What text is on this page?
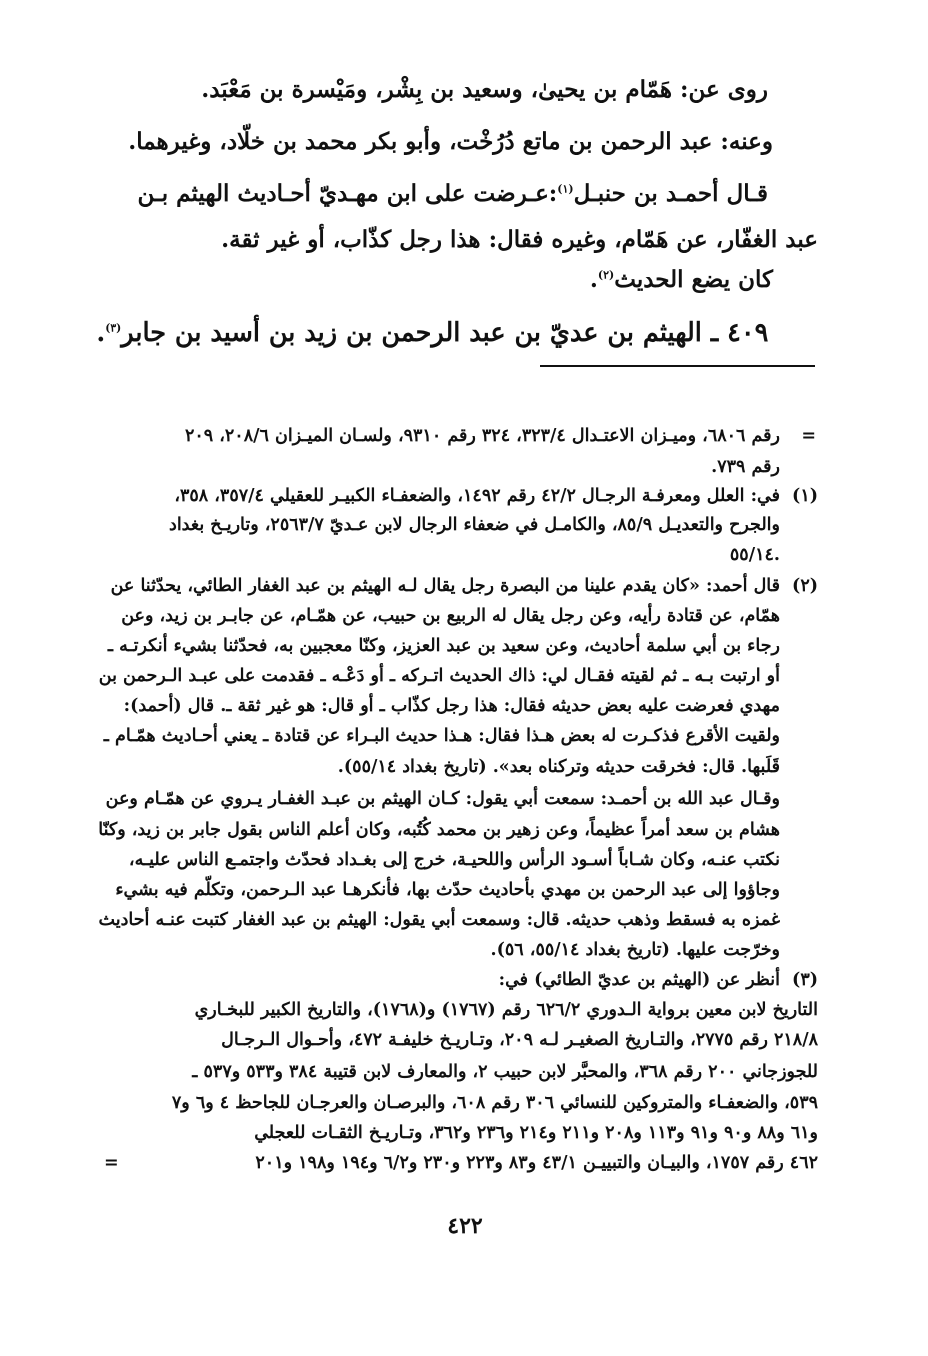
روى عن: هَمّام بن يحيىٰ، وسعيد بن بِشْر، ومَيْسرة بن مَعْبَد.
وعنه: عبد الرحمن بن ماتع دُرُخْت، وأبو بكر محمد بن خلّاد، وغيرهما.
قـال أحمـد بن حنبـل$^{(١)}$:عـرضت على ابن مهـديّ أحـاديث الهيثم بـن
عبد الغفّار، عن هَمّام، وغيره فقال: هذا رجل كذّاب، أو غير ثقة.
كان يضع الحديث$^{(٢)}$.
٤٠٩ ـ الهيثم بن عديّ بن عبد الرحمن بن زيد بن أسيد بن جابر$^{(٣)}$.
=
رقم ٦٨٠٦، وميـزان الاعتـدال ٣٢٣/٤، ٣٢٤ رقم ٩٣١٠، ولسـان الميـزان ٢٠٨/٦، ٢٠٩
رقم ٧٣٩.
(١)
في: العلل ومعرفـة الرجـال ٤٢/٢ رقم ١٤٩٢، والضعفـاء الكبيـر للعقيلي ٣٥٧/٤، ٣٥٨،
والجرح والتعديـل ٨٥/٩، والكامـل في ضعفاء الرجال لابن عـديّ ٢٥٦٣/٧، وتاريـخ بغداد
٥٥/١٤.
(٢)
قال أحمد: «كان يقدم علينا من البصرة رجل يقال لـه الهيثم بن عبد الغفار الطائي، يحدّثنا عن
همّام، عن قتادة رأيه، وعن رجل يقال له الربيع بن حبيب، عن همّـام، عن جابـر بن زيد، وعن
رجاء بن أبي سلمة أحاديث، وعن سعيد بن عبد العزيز، وكنّا معجبين به، فحدّثنا بشيء أنكرتـه ـ
أو ارتبت بـه ـ ثم لقيته فقـال لي: ذاك الحديث اتـركه ـ أو دَعْـه ـ فقدمت على عبـد الـرحمن بن
مهدي فعرضت عليه بعض حديثه فقال: هذا رجل كذّاب ـ أو قال: هو غير ثقة ـ. قال (أحمد):
ولقيت الأقرع فذكـرت له بعض هـذا فقال: هـذا حديث البـراء عن قتادة ـ يعني أحـاديث همّـام ـ
قَلَبها. قال: فخرقت حديثه وتركناه بعد». (تاريخ بغداد ٥٥/١٤).
وقـال عبد الله بن أحمـد: سمعت أبي يقول: كـان الهيثم بن عبـد الغفـار يـروي عن همّـام وعن
هشام بن سعد أمراً عظيماً، وعن زهير بن محمد كُتُبه، وكان أعلم الناس بقول جابر بن زيد، وكنّا
نكتب عنـه، وكان شـاباً أسـود الرأس واللحيـة، خرج إلى بغـداد فحدّث واجتمـع الناس عليـه،
وجاؤوا إلى عبد الرحمن بن مهدي بأحاديث حدّث بها، فأنكرهـا عبد الـرحمن، وتكلّم فيه بشيء
غمزه به فسقط وذهب حديثه. قال: وسمعت أبي يقول: الهيثم بن عبد الغفار كتبت عنـه أحاديث
وخرّجت عليها. (تاريخ بغداد ٥٥/١٤، ٥٦).
(٣)
أنظر عن (الهيثم بن عديّ الطائي) في:
التاريخ لابن معين برواية الـدوري ٦٢٦/٢ رقم (١٧٦٧) و(١٧٦٨)، والتاريخ الكبير للبخـاري
٢١٨/٨ رقم ٢٧٧٥، والتـاريخ الصغيـر لـه ٢٠٩، وتـاريـخ خليفـة ٤٧٢، وأحـوال الـرجـال
للجوزجاني ٢٠٠ رقم ٣٦٨، والمحبَّر لابن حبيب ٢، والمعارف لابن قتيبة ٣٨٤ و٥٣٣ و٥٣٧ ـ
٥٣٩، والضعفـاء والمتروكين للنسائي ٣٠٦ رقم ٦٠٨، والبرصـان والعرجـان للجاحظ ٤ و٦ و٧
و٦١ و٨٨ و٩٠ و٩١ و١١٣ و٢٠٨ و٢١١ و٢١٤ و٢٣٦ و٣٦٢، وتـاريـخ الثقـات للعجلي
٤٦٢ رقم ١٧٥٧، والبيـان والتبييـن ٤٣/١ و٨٣ و٢٢٣ و٢٣٠ و٦/٢ و١٩٤ و١٩٨ و٢٠١
=
٤٢٢
